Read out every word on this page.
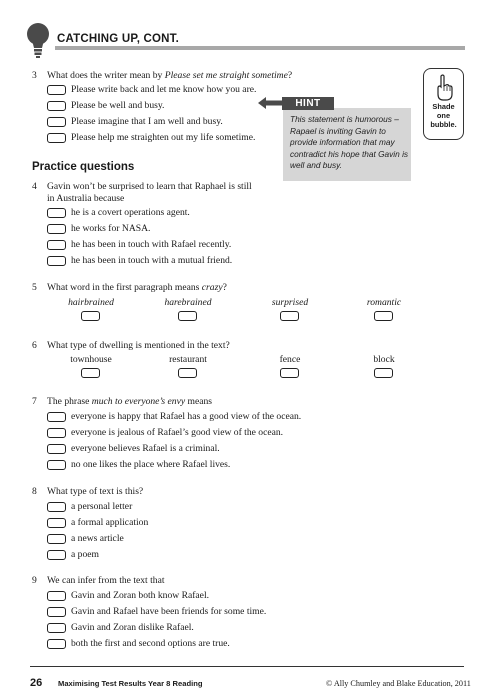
CATCHING UP, CONT.
Shade
one
bubble.
3 What does the writer mean by Please set me straight sometime?
Please write back and let me know how you are.
Please be well and busy.
Please imagine that I am well and busy.
Please help me straighten out my life sometime.
HINT
This statement is humorous – Rapael is inviting Gavin to provide information that may contradict his hope that Gavin is well and busy.
Practice questions
4 Gavin won’t be surprised to learn that Raphael is still
in Australia because
he is a covert operations agent.
he works for NASA.
he has been in touch with Rafael recently.
he has been in touch with a mutual friend.
5 What word in the first paragraph means crazy?
hairbrained	harebrained	surprised	romantic
6 What type of dwelling is mentioned in the text?
townhouse	restaurant	fence	block
7 The phrase much to everyone’s envy means
everyone is happy that Rafael has a good view of the ocean.
everyone is jealous of Rafael’s good view of the ocean.
everyone believes Rafael is a criminal.
no one likes the place where Rafael lives.
8 What type of text is this?
a personal letter
a formal application
a news article
a poem
9 We can infer from the text that
Gavin and Zoran both know Rafael.
Gavin and Rafael have been friends for some time.
Gavin and Zoran dislike Rafael.
both the first and second options are true.
26 Maximising Test Results Year 8 Reading	© Ally Chumley and Blake Education, 2011
